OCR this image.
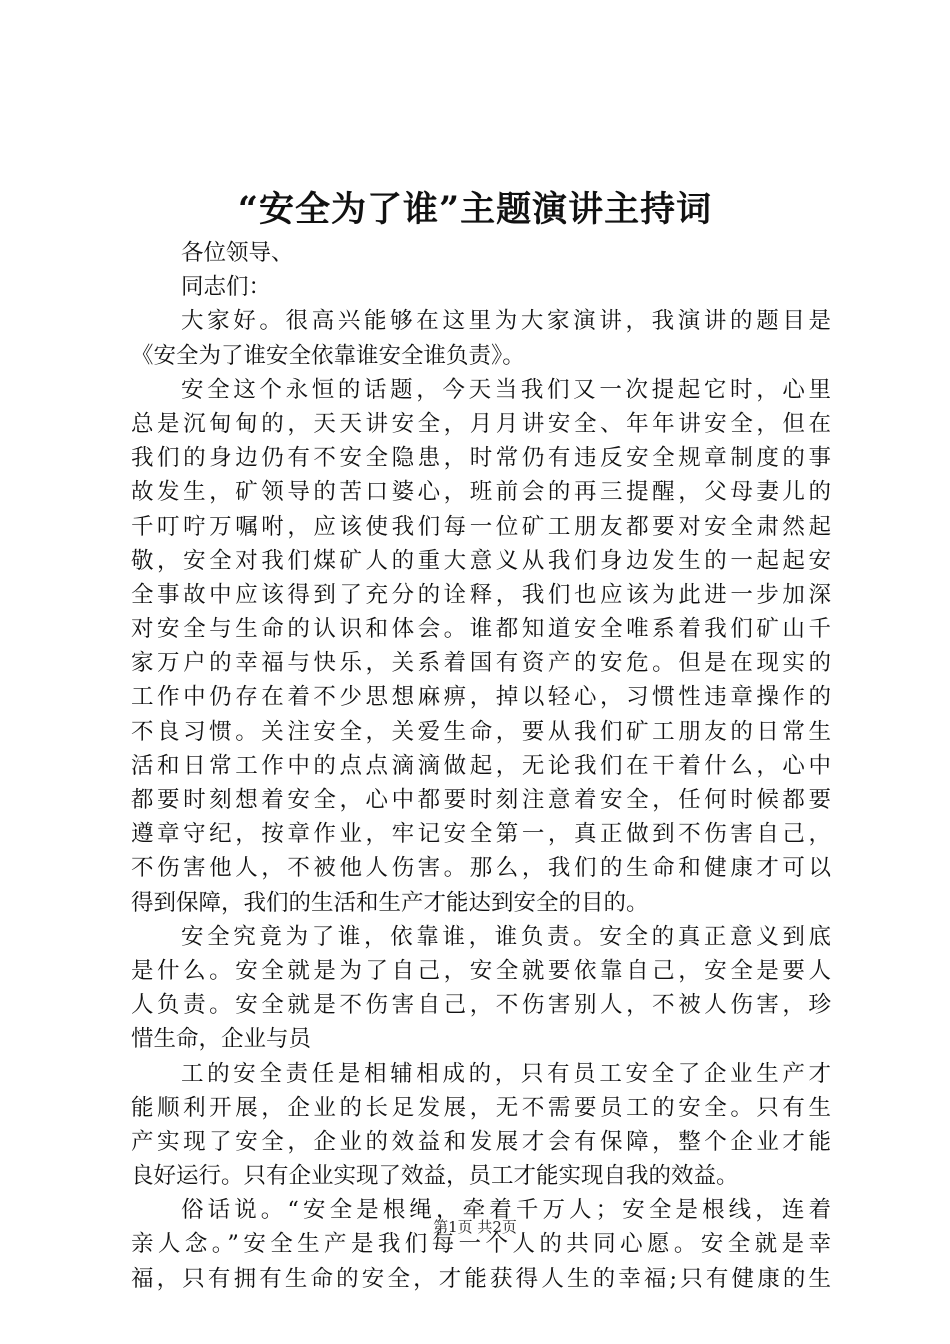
“安全为了谁”主题演讲主持词
各位领导、
同志们：
大家好。很高兴能够在这里为大家演讲，我演讲的题目是
《安全为了谁安全依靠谁安全谁负责》。
安全这个永恒的话题，今天当我们又一次提起它时，心里
总是沉甸甸的，天天讲安全，月月讲安全、年年讲安全，但在
我们的身边仍有不安全隐患，时常仍有违反安全规章制度的事
故发生，矿领导的苦口婆心，班前会的再三提醒，父母妻儿的
千叮咛万嘱咐，应该使我们每一位矿工朋友都要对安全肃然起
敬，安全对我们煤矿人的重大意义从我们身边发生的一起起安
全事故中应该得到了充分的诠释，我们也应该为此进一步加深
对安全与生命的认识和体会。谁都知道安全唯系着我们矿山千
家万户的幸福与快乐，关系着国有资产的安危。但是在现实的
工作中仍存在着不少思想麻痹，掉以轻心，习惯性违章操作的
不良习惯。关注安全，关爱生命，要从我们矿工朋友的日常生
活和日常工作中的点点滴滴做起，无论我们在干着什么，心中
都要时刻想着安全，心中都要时刻注意着安全，任何时候都要
遵章守纪，按章作业，牢记安全第一，真正做到不伤害自己，
不伤害他人，不被他人伤害。那么，我们的生命和健康才可以
得到保障，我们的生活和生产才能达到安全的目的。
安全究竟为了谁，依靠谁，谁负责。安全的真正意义到底
是什么。安全就是为了自己，安全就要依靠自己，安全是要人
人负责。安全就是不伤害自己，不伤害别人，不被人伤害，珍
惜生命，企业与员
工的安全责任是相辅相成的，只有员工安全了企业生产才
能顺利开展，企业的长足发展，无不需要员工的安全。只有生
产实现了安全，企业的效益和发展才会有保障，整个企业才能
良好运行。只有企业实现了效益，员工才能实现自我的效益。
俗话说。“安全是根绳，牵着千万人；安全是根线，连着
亲人念。”安全生产是我们每一个人的共同心愿。安全就是幸
福，只有拥有生命的安全，才能获得人生的幸福;只有健康的生
第1页 共2页
